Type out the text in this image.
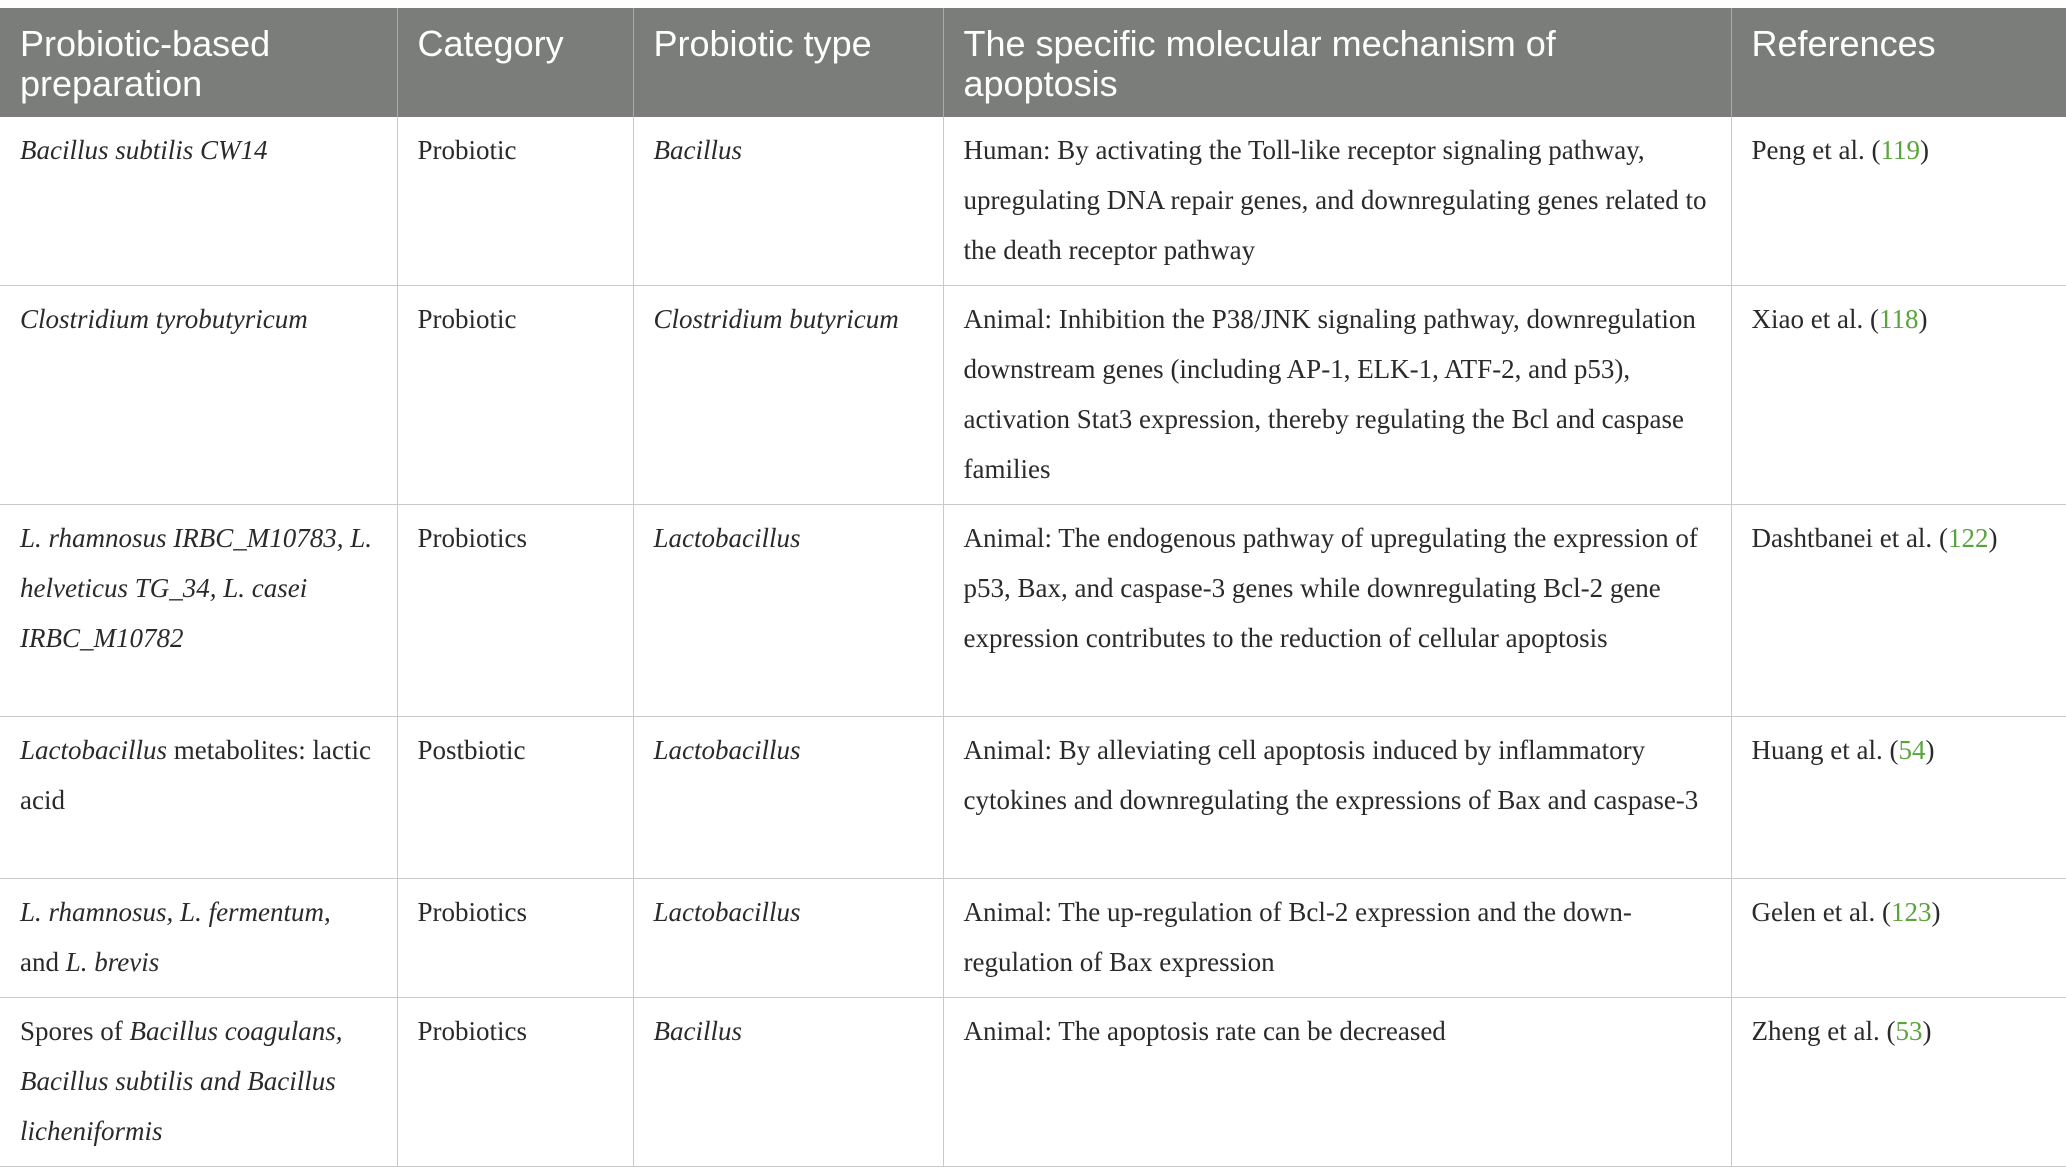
Probiotic-based preparation	Category	Probiotic type	The specific molecular mechanism of apoptosis	References
Bacillus subtilis CW14	Probiotic	Bacillus	Human: By activating the Toll-like receptor signaling pathway, upregulating DNA repair genes, and downregulating genes related to the death receptor pathway	Peng et al. (119)
Clostridium tyrobutyricum	Probiotic	Clostridium butyricum	Animal: Inhibition the P38/JNK signaling pathway, downregulation downstream genes (including AP-1, ELK-1, ATF-2, and p53), activation Stat3 expression, thereby regulating the Bcl and caspase families	Xiao et al. (118)
L. rhamnosus IRBC_M10783, L. helveticus TG_34, L. casei IRBC_M10782	Probiotics	Lactobacillus	Animal: The endogenous pathway of upregulating the expression of p53, Bax, and caspase-3 genes while downregulating Bcl-2 gene expression contributes to the reduction of cellular apoptosis	Dashtbanei et al. (122)
Lactobacillus metabolites: lactic acid	Postbiotic	Lactobacillus	Animal: By alleviating cell apoptosis induced by inflammatory cytokines and downregulating the expressions of Bax and caspase-3	Huang et al. (54)
L. rhamnosus, L. fermentum, and L. brevis	Probiotics	Lactobacillus	Animal: The up-regulation of Bcl-2 expression and the down-regulation of Bax expression	Gelen et al. (123)
Spores of Bacillus coagulans, Bacillus subtilis and Bacillus licheniformis	Probiotics	Bacillus	Animal: The apoptosis rate can be decreased	Zheng et al. (53)
